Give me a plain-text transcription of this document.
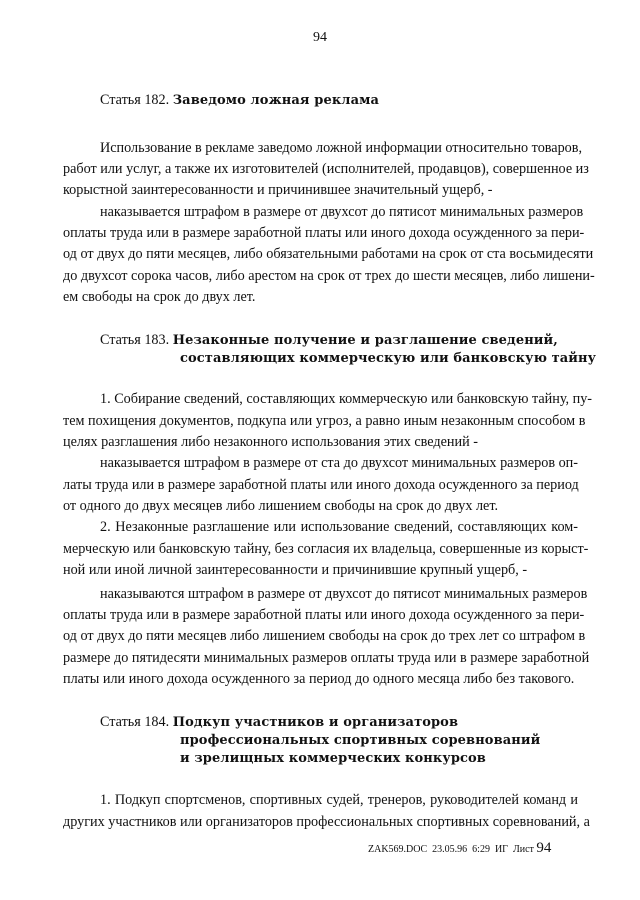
94
Статья 182. Заведомо ложная реклама
Использование в рекламе заведомо ложной информации относительно товаров,
работ или услуг, а также их изготовителей (исполнителей, продавцов), совершенное из
корыстной заинтересованности и причинившее значительный ущерб, -
наказывается штрафом в размере от двухсот до пятисот минимальных размеров
оплаты труда или в размере заработной платы или иного дохода осужденного за пери-
од от двух до пяти месяцев, либо обязательными работами на срок от ста восьмидесяти
до двухсот сорока часов, либо арестом на срок от трех до шести месяцев, либо лишени-
ем свободы на срок до двух лет.
Статья 183. Незаконные получение и разглашение сведений,
составляющих коммерческую или банковскую тайну
1. Собирание сведений, составляющих коммерческую или банковскую тайну, пу-
тем похищения документов, подкупа или угроз, а равно иным незаконным способом в
целях разглашения либо незаконного использования этих сведений -
наказывается штрафом в размере от ста до двухсот минимальных размеров оп-
латы труда или в размере заработной платы или иного дохода осужденного за период
от одного до двух месяцев либо лишением свободы на срок до двух лет.
2. Незаконные разглашение или использование сведений, составляющих ком-
мерческую или банковскую тайну, без согласия их владельца, совершенные из корыст-
ной или иной личной заинтересованности и причинившие крупный ущерб, -
наказываются штрафом в размере от двухсот до пятисот минимальных размеров
оплаты труда или в размере заработной платы или иного дохода осужденного за пери-
од от двух до пяти месяцев либо лишением свободы на срок до трех лет со штрафом в
размере до пятидесяти минимальных размеров оплаты труда или в размере заработной
платы или иного дохода осужденного за период до одного месяца либо без такового.
Статья 184. Подкуп участников и организаторов
профессиональных спортивных соревнований
и зрелищных коммерческих конкурсов
1. Подкуп спортсменов, спортивных судей, тренеров, руководителей команд и
других участников или организаторов профессиональных спортивных соревнований, а
ZAK569.DOC 23.05.96 6:29 ИГ Лист 94
